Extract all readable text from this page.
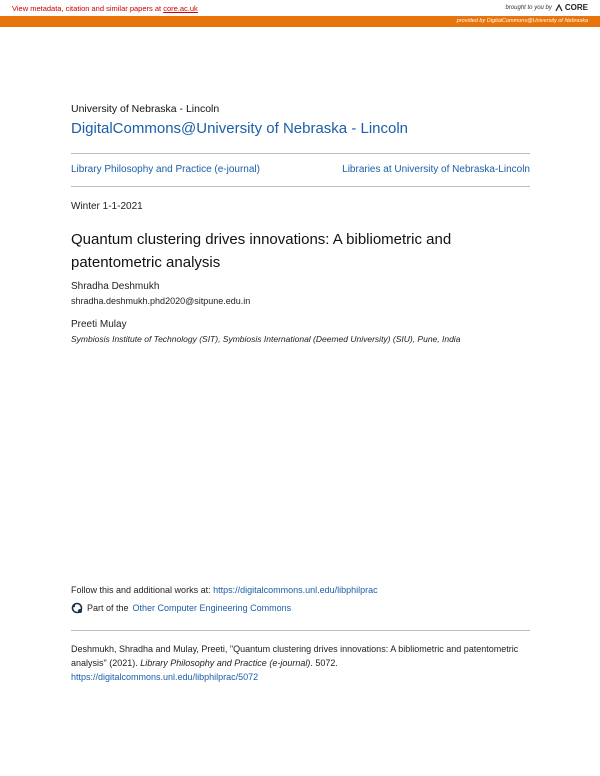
View metadata, citation and similar papers at core.ac.uk	brought to you by CORE
provided by DigitalCommons@University of Nebraska
University of Nebraska - Lincoln
DigitalCommons@University of Nebraska - Lincoln
Library Philosophy and Practice (e-journal)	Libraries at University of Nebraska-Lincoln
Winter 1-1-2021
Quantum clustering drives innovations: A bibliometric and patentometric analysis
Shradha Deshmukh
shradha.deshmukh.phd2020@sitpune.edu.in
Preeti Mulay
Symbiosis Institute of Technology (SIT), Symbiosis International (Deemed University) (SIU), Pune, India
Follow this and additional works at: https://digitalcommons.unl.edu/libphilprac
Part of the Other Computer Engineering Commons
Deshmukh, Shradha and Mulay, Preeti, "Quantum clustering drives innovations: A bibliometric and patentometric analysis" (2021). Library Philosophy and Practice (e-journal). 5072.
https://digitalcommons.unl.edu/libphilprac/5072
